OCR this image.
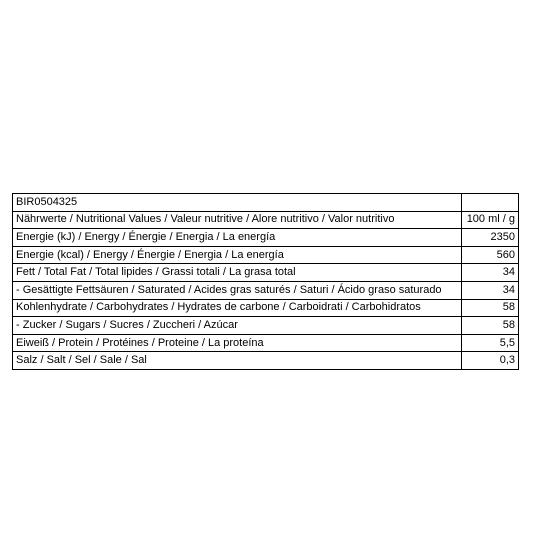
BIR0504325	
Nährwerte / Nutritional Values / Valeur nutritive / Alore nutritivo / Valor nutritivo	100 ml / g
Energie (kJ) / Energy / Énergie / Energia / La energía	2350
Energie (kcal) / Energy / Énergie / Energia / La energía	560
Fett / Total Fat / Total lipides / Grassi totali / La grasa total	34
- Gesättigte Fettsäuren / Saturated / Acides gras saturés / Saturi / Ácido graso saturado	34
Kohlenhydrate / Carbohydrates / Hydrates de carbone / Carboidrati / Carbohidratos	58
- Zucker / Sugars / Sucres / Zuccheri / Azúcar	58
Eiweiß / Protein / Protéines / Proteine / La proteína	5,5
Salz / Salt / Sel / Sale / Sal	0,3
